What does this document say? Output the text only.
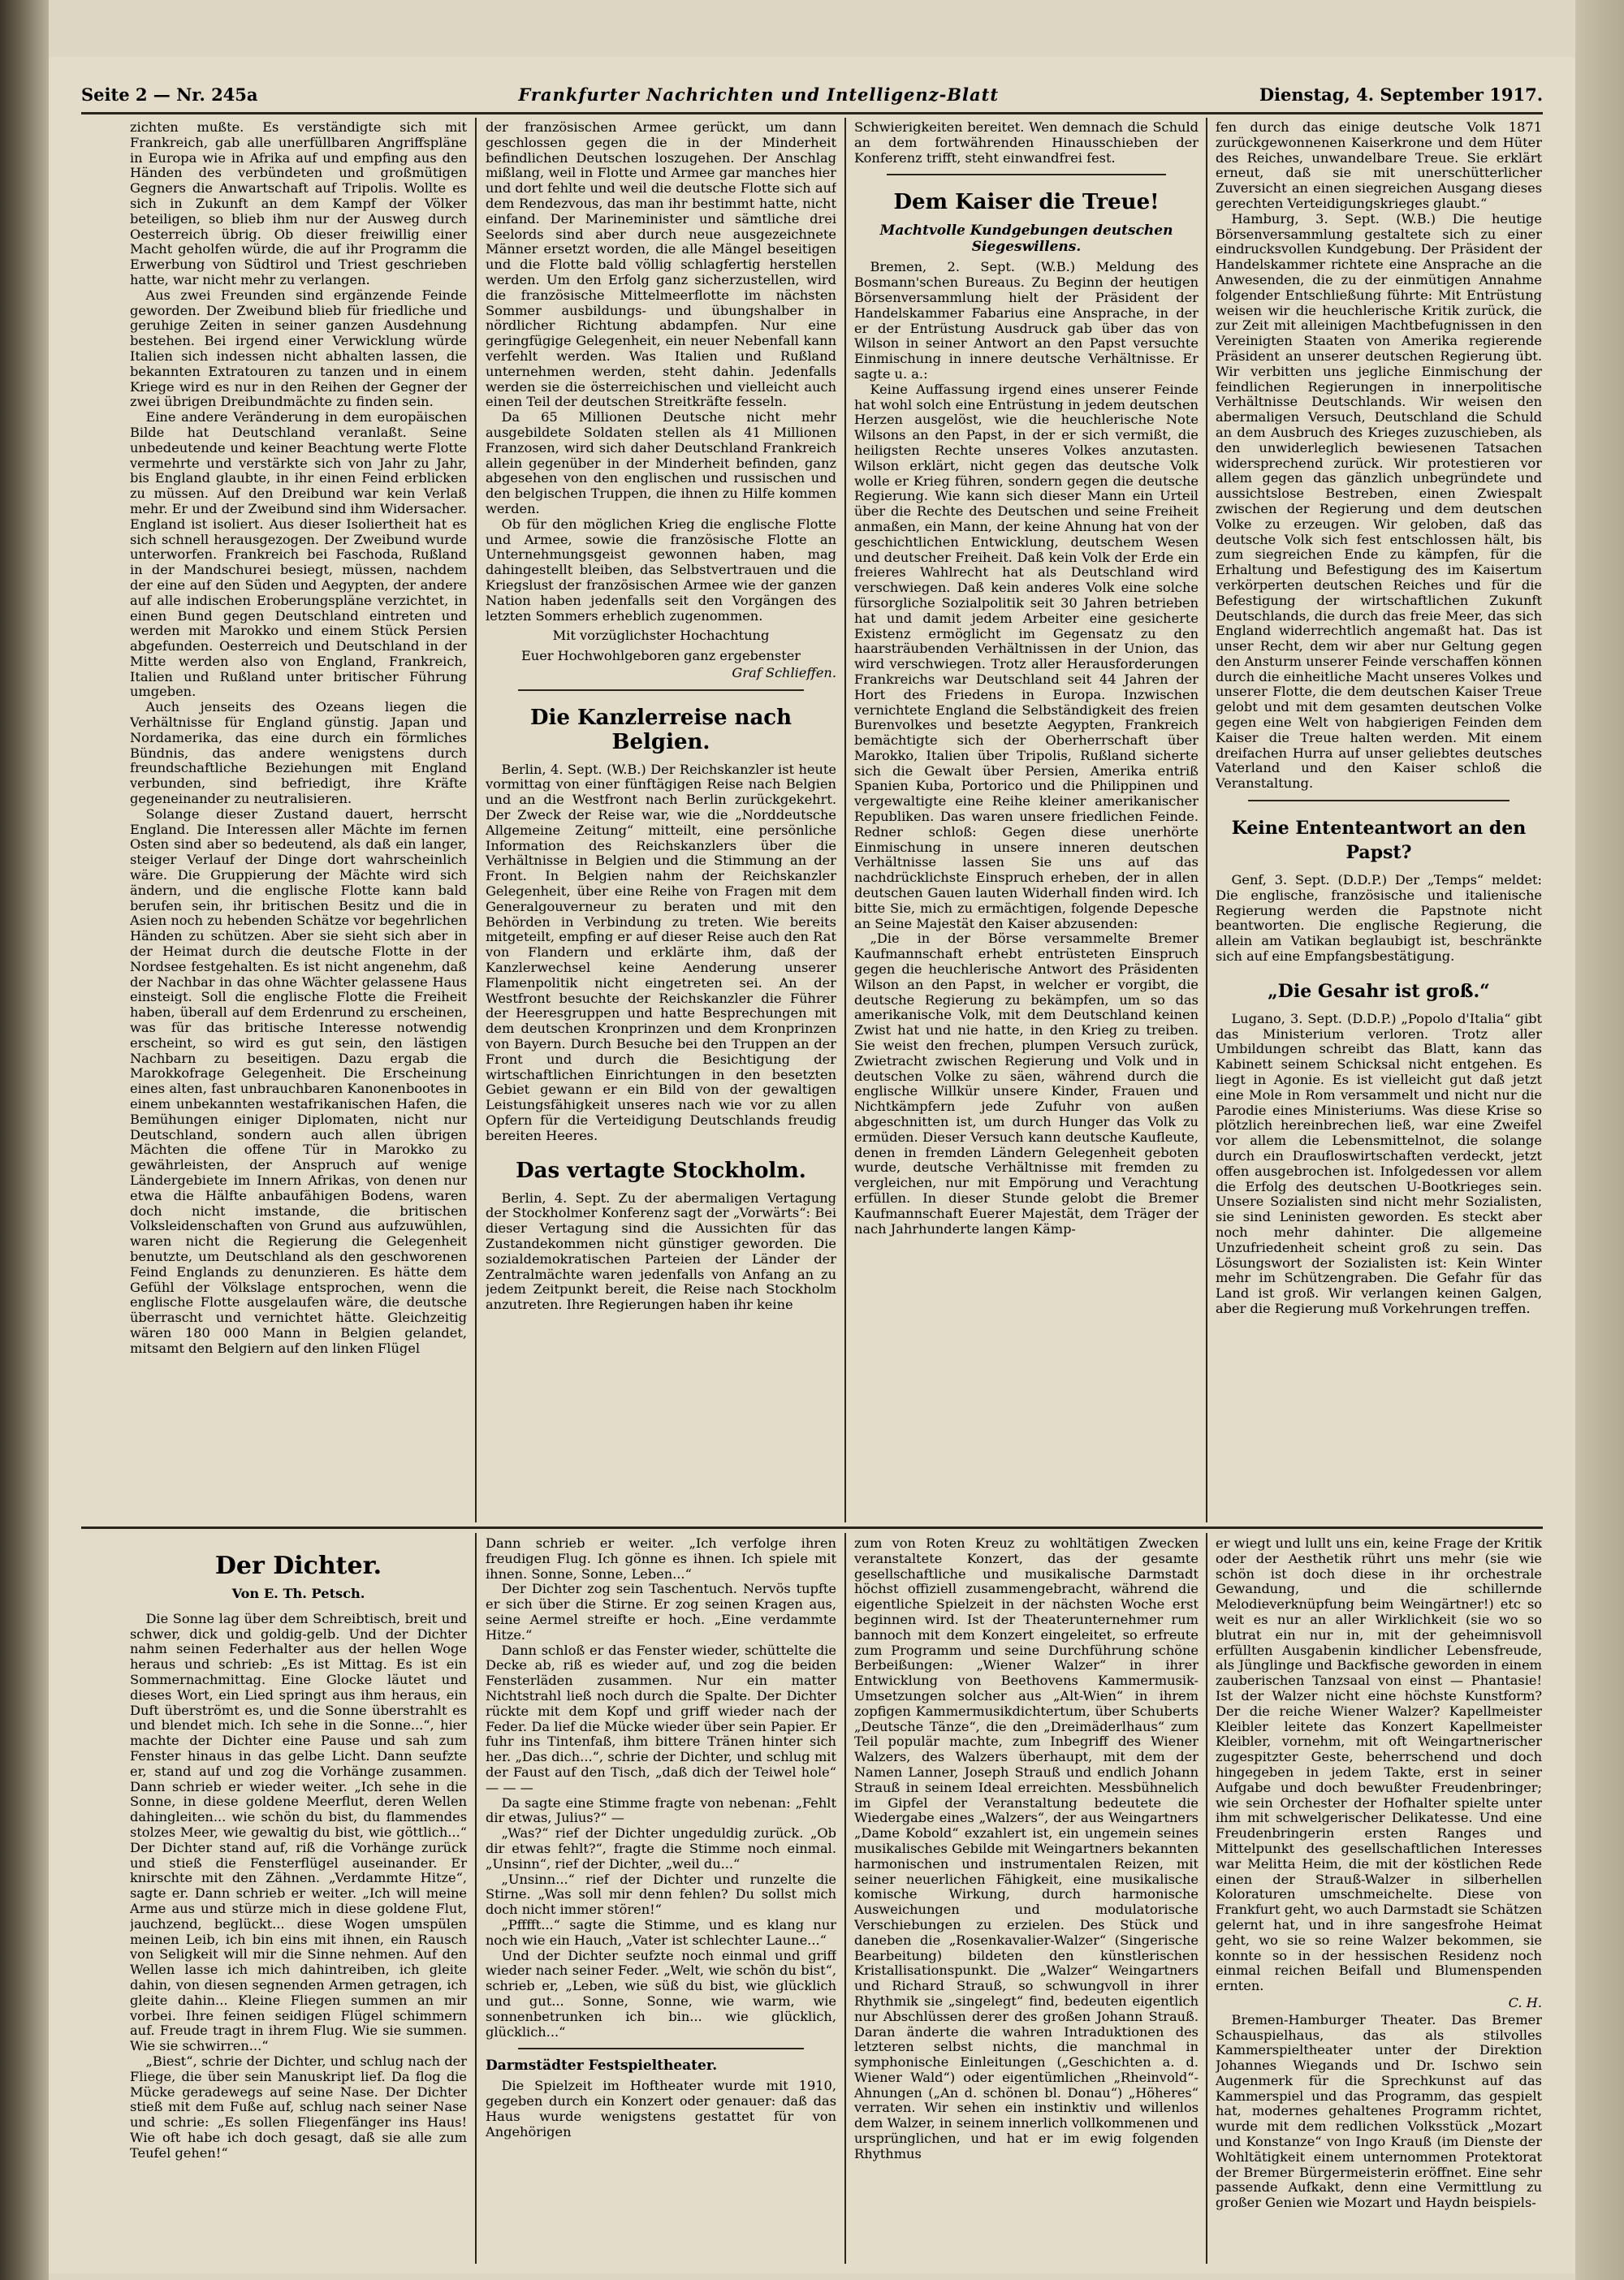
Seite 2 — Nr. 245a	Frankfurter Nachrichten und Intelligenz-Blatt	Dienstag, 4. September 1917.

zichten mußte. Es verständigte sich mit Frankreich, gab alle unerfüllbaren Angriffspläne in Europa wie in Afrika auf und empfing aus den Händen des verbündeten und großmütigen Gegners die Anwartschaft auf Tripolis. Wollte es sich in Zukunft an dem Kampf der Völker beteiligen, so blieb ihm nur der Ausweg durch Oesterreich übrig. Ob dieser freiwillig einer Macht geholfen würde, die auf ihr Programm die Erwerbung von Südtirol und Triest geschrieben hatte, war nicht mehr zu verlangen.

Aus zwei Freunden sind ergänzende Feinde geworden. Der Zweibund blieb für friedliche und geruhige Zeiten in seiner ganzen Ausdehnung bestehen. Bei irgend einer Verwicklung würde Italien sich indessen nicht abhalten lassen, die bekannten Extratouren zu tanzen und in einem Kriege wird es nur in den Reihen der Gegner der zwei übrigen Dreibundmächte zu finden sein.

Eine andere Veränderung in dem europäischen Bilde hat Deutschland veranlaßt. Seine unbedeutende und keiner Beachtung werte Flotte vermehrte und verstärkte sich von Jahr zu Jahr, bis England glaubte, in ihr einen Feind erblicken zu müssen. Auf den Dreibund war kein Verlaß mehr. Er und der Zweibund sind ihm Widersacher. England ist isoliert. Aus dieser Isoliertheit hat es sich schnell herausgezogen. Der Zweibund wurde unterworfen. Frankreich bei Faschoda, Rußland in der Mandschurei besiegt, müssen, nachdem der eine auf den Süden und Aegypten, der andere auf alle indischen Eroberungspläne verzichtet, in einen Bund gegen Deutschland eintreten und werden mit Marokko und einem Stück Persien abgefunden. Oesterreich und Deutschland in der Mitte werden also von England, Frankreich, Italien und Rußland unter britischer Führung umgeben.

Auch jenseits des Ozeans liegen die Verhältnisse für England günstig. Japan und Nordamerika, das eine durch ein förmliches Bündnis, das andere wenigstens durch freundschaftliche Beziehungen mit England verbunden, sind befriedigt, ihre Kräfte gegeneinander zu neutralisieren.

Solange dieser Zustand dauert, herrscht England. Die Interessen aller Mächte im fernen Osten sind aber so bedeutend, als daß ein langer, steiger Verlauf der Dinge dort wahrscheinlich wäre. Die Gruppierung der Mächte wird sich ändern, und die englische Flotte kann bald berufen sein, ihr britischen Besitz und die in Asien noch zu hebenden Schätze vor begehrlichen Händen zu schützen. Aber sie sieht sich aber in der Heimat durch die deutsche Flotte in der Nordsee festgehalten. Es ist nicht angenehm, daß der Nachbar in das ohne Wächter gelassene Haus einsteigt. Soll die englische Flotte die Freiheit haben, überall auf dem Erdenrund zu erscheinen, was für das britische Interesse notwendig erscheint, so wird es gut sein, den lästigen Nachbarn zu beseitigen. Dazu ergab die Marokkofrage Gelegenheit. Die Erscheinung eines alten, fast unbrauchbaren Kanonenbootes in einem unbekannten westafrikanischen Hafen, die Bemühungen einiger Diplomaten, nicht nur Deutschland, sondern auch allen übrigen Mächten die offene Tür in Marokko zu gewährleisten, der Anspruch auf wenige Ländergebiete im Innern Afrikas, von denen nur etwa die Hälfte anbaufähigen Bodens, waren doch nicht imstande, die britischen Volksleidenschaften von Grund aus aufzuwühlen, waren nicht die Regierung die Gelegenheit benutzte, um Deutschland als den geschworenen Feind Englands zu denunzieren. Es hätte dem Gefühl der Völkslage entsprochen, wenn die englische Flotte ausgelaufen wäre, die deutsche überrascht und vernichtet hätte. Gleichzeitig wären 180 000 Mann in Belgien gelandet, mitsamt den Belgiern auf den linken Flügel

der französischen Armee gerückt, um dann geschlossen gegen die in der Minderheit befindlichen Deutschen loszugehen. Der Anschlag mißlang, weil in Flotte und Armee gar manches hier und dort fehlte und weil die deutsche Flotte sich auf dem Rendezvous, das man ihr bestimmt hatte, nicht einfand. Der Marineminister und sämtliche drei Seelords sind aber durch neue ausgezeichnete Männer ersetzt worden, die alle Mängel beseitigen und die Flotte bald völlig schlagfertig herstellen werden. Um den Erfolg ganz sicherzustellen, wird die französische Mittelmeerflotte im nächsten Sommer ausbildungs- und übungshalber in nördlicher Richtung abdampfen. Nur eine geringfügige Gelegenheit, ein neuer Nebenfall kann verfehlt werden. Was Italien und Rußland unternehmen werden, steht dahin. Jedenfalls werden sie die österreichischen und vielleicht auch einen Teil der deutschen Streitkräfte fesseln.

Da 65 Millionen Deutsche nicht mehr ausgebildete Soldaten stellen als 41 Millionen Franzosen, wird sich daher Deutschland Frankreich allein gegenüber in der Minderheit befinden, ganz abgesehen von den englischen und russischen und den belgischen Truppen, die ihnen zu Hilfe kommen werden.

Ob für den möglichen Krieg die englische Flotte und Armee, sowie die französische Flotte an Unternehmungsgeist gewonnen haben, mag dahingestellt bleiben, das Selbstvertrauen und die Kriegslust der französischen Armee wie der ganzen Nation haben jedenfalls seit den Vorgängen des letzten Sommers erheblich zugenommen.

Mit vorzüglichster Hochachtung
Euer Hochwohlgeboren ganz ergebenster
Graf Schlieffen.
Die Kanzlerreise nach Belgien.

Berlin, 4. Sept. (W.B.) Der Reichskanzler ist heute vormittag von einer fünftägigen Reise nach Belgien und an die Westfront nach Berlin zurückgekehrt. Der Zweck der Reise war, wie die „Norddeutsche Allgemeine Zeitung“ mitteilt, eine persönliche Information des Reichskanzlers über die Verhältnisse in Belgien und die Stimmung an der Front. In Belgien nahm der Reichskanzler Gelegenheit, über eine Reihe von Fragen mit dem Generalgouverneur zu beraten und mit den Behörden in Verbindung zu treten. Wie bereits mitgeteilt, empfing er auf dieser Reise auch den Rat von Flandern und erklärte ihm, daß der Kanzlerwechsel keine Aenderung unserer Flamenpolitik nicht eingetreten sei. An der Westfront besuchte der Reichskanzler die Führer der Heeresgruppen und hatte Besprechungen mit dem deutschen Kronprinzen und dem Kronprinzen von Bayern. Durch Besuche bei den Truppen an der Front und durch die Besichtigung der wirtschaftlichen Einrichtungen in den besetzten Gebiet gewann er ein Bild von der gewaltigen Leistungsfähigkeit unseres nach wie vor zu allen Opfern für die Verteidigung Deutschlands freudig bereiten Heeres.

Das vertagte Stockholm.

Berlin, 4. Sept. Zu der abermaligen Vertagung der Stockholmer Konferenz sagt der „Vorwärts“: Bei dieser Vertagung sind die Aussichten für das Zustandekommen nicht günstiger geworden. Die sozialdemokratischen Parteien der Länder der Zentralmächte waren jedenfalls von Anfang an zu jedem Zeitpunkt bereit, die Reise nach Stockholm anzutreten. Ihre Regierungen haben ihr keine

Schwierigkeiten bereitet. Wen demnach die Schuld an dem fortwährenden Hinausschieben der Konferenz trifft, steht einwandfrei fest.

Dem Kaiser die Treue!
Machtvolle Kundgebungen deutschen Siegeswillens.

Bremen, 2. Sept. (W.B.) Meldung des Bosmann'schen Bureaus. Zu Beginn der heutigen Börsenversammlung hielt der Präsident der Handelskammer Fabarius eine Ansprache, in der er der Entrüstung Ausdruck gab über das von Wilson in seiner Antwort an den Papst versuchte Einmischung in innere deutsche Verhältnisse. Er sagte u. a.:

Keine Auffassung irgend eines unserer Feinde hat wohl solch eine Entrüstung in jedem deutschen Herzen ausgelöst, wie die heuchlerische Note Wilsons an den Papst, in der er sich vermißt, die heiligsten Rechte unseres Volkes anzutasten. Wilson erklärt, nicht gegen das deutsche Volk wolle er Krieg führen, sondern gegen die deutsche Regierung. Wie kann sich dieser Mann ein Urteil über die Rechte des Deutschen und seine Freiheit anmaßen, ein Mann, der keine Ahnung hat von der geschichtlichen Entwicklung, deutschem Wesen und deutscher Freiheit. Daß kein Volk der Erde ein freieres Wahlrecht hat als Deutschland wird verschwiegen. Daß kein anderes Volk eine solche fürsorgliche Sozialpolitik seit 30 Jahren betrieben hat und damit jedem Arbeiter eine gesicherte Existenz ermöglicht im Gegensatz zu den haarsträubenden Verhältnissen in der Union, das wird verschwiegen. Trotz aller Herausforderungen Frankreichs war Deutschland seit 44 Jahren der Hort des Friedens in Europa. Inzwischen vernichtete England die Selbständigkeit des freien Burenvolkes und besetzte Aegypten, Frankreich bemächtigte sich der Oberherrschaft über Marokko, Italien über Tripolis, Rußland sicherte sich die Gewalt über Persien, Amerika entriß Spanien Kuba, Portorico und die Philippinen und vergewaltigte eine Reihe kleiner amerikanischer Republiken. Das waren unsere friedlichen Feinde. Redner schloß: Gegen diese unerhörte Einmischung in unsere inneren deutschen Verhältnisse lassen Sie uns auf das nachdrücklichste Einspruch erheben, der in allen deutschen Gauen lauten Widerhall finden wird. Ich bitte Sie, mich zu ermächtigen, folgende Depesche an Seine Majestät den Kaiser abzusenden:

„Die in der Börse versammelte Bremer Kaufmannschaft erhebt entrüsteten Einspruch gegen die heuchlerische Antwort des Präsidenten Wilson an den Papst, in welcher er vorgibt, die deutsche Regierung zu bekämpfen, um so das amerikanische Volk, mit dem Deutschland keinen Zwist hat und nie hatte, in den Krieg zu treiben. Sie weist den frechen, plumpen Versuch zurück, Zwietracht zwischen Regierung und Volk und in deutschen Volke zu säen, während durch die englische Willkür unsere Kinder, Frauen und Nichtkämpfern jede Zufuhr von außen abgeschnitten ist, um durch Hunger das Volk zu ermüden. Dieser Versuch kann deutsche Kaufleute, denen in fremden Ländern Gelegenheit geboten wurde, deutsche Verhältnisse mit fremden zu vergleichen, nur mit Empörung und Verachtung erfüllen. In dieser Stunde gelobt die Bremer Kaufmannschaft Euerer Majestät, dem Träger der nach Jahrhunderte langen Kämp-

fen durch das einige deutsche Volk 1871 zurückgewonnenen Kaiserkrone und dem Hüter des Reiches, unwandelbare Treue. Sie erklärt erneut, daß sie mit unerschütterlicher Zuversicht an einen siegreichen Ausgang dieses gerechten Verteidigungskrieges glaubt.“

Hamburg, 3. Sept. (W.B.) Die heutige Börsenversammlung gestaltete sich zu einer eindrucksvollen Kundgebung. Der Präsident der Handelskammer richtete eine Ansprache an die Anwesenden, die zu der einmütigen Annahme folgender Entschließung führte: Mit Entrüstung weisen wir die heuchlerische Kritik zurück, die zur Zeit mit alleinigen Machtbefugnissen in den Vereinigten Staaten von Amerika regierende Präsident an unserer deutschen Regierung übt. Wir verbitten uns jegliche Einmischung der feindlichen Regierungen in innerpolitische Verhältnisse Deutschlands. Wir weisen den abermaligen Versuch, Deutschland die Schuld an dem Ausbruch des Krieges zuzuschieben, als den unwiderleglich bewiesenen Tatsachen widersprechend zurück. Wir protestieren vor allem gegen das gänzlich unbegründete und aussichtslose Bestreben, einen Zwiespalt zwischen der Regierung und dem deutschen Volke zu erzeugen. Wir geloben, daß das deutsche Volk sich fest entschlossen hält, bis zum siegreichen Ende zu kämpfen, für die Erhaltung und Befestigung des im Kaisertum verkörperten deutschen Reiches und für die Befestigung der wirtschaftlichen Zukunft Deutschlands, die durch das freie Meer, das sich England widerrechtlich angemaßt hat. Das ist unser Recht, dem wir aber nur Geltung gegen den Ansturm unserer Feinde verschaffen können durch die einheitliche Macht unseres Volkes und unserer Flotte, die dem deutschen Kaiser Treue gelobt und mit dem gesamten deutschen Volke gegen eine Welt von habgierigen Feinden dem Kaiser die Treue halten werden. Mit einem dreifachen Hurra auf unser geliebtes deutsches Vaterland und den Kaiser schloß die Veranstaltung.

Keine Ententeantwort an den Papst?

Genf, 3. Sept. (D.D.P.) Der „Temps“ meldet: Die englische, französische und italienische Regierung werden die Papstnote nicht beantworten. Die englische Regierung, die allein am Vatikan beglaubigt ist, beschränkte sich auf eine Empfangsbestätigung.

„Die Gesahr ist groß.“

Lugano, 3. Sept. (D.D.P.) „Popolo d'Italia“ gibt das Ministerium verloren. Trotz aller Umbildungen schreibt das Blatt, kann das Kabinett seinem Schicksal nicht entgehen. Es liegt in Agonie. Es ist vielleicht gut daß jetzt eine Mole in Rom versammelt und nicht nur die Parodie eines Ministeriums. Was diese Krise so plötzlich hereinbrechen ließ, war eine Zweifel vor allem die Lebensmittelnot, die solange durch ein Draufloswirtschaften verdeckt, jetzt offen ausgebrochen ist. Infolgedessen vor allem die Erfolg des deutschen U-Bootkrieges sein. Unsere Sozialisten sind nicht mehr Sozialisten, sie sind Leninisten geworden. Es steckt aber noch mehr dahinter. Die allgemeine Unzufriedenheit scheint groß zu sein. Das Lösungswort der Sozialisten ist: Kein Winter mehr im Schützengraben. Die Gefahr für das Land ist groß. Wir verlangen keinen Galgen, aber die Regierung muß Vorkehrungen treffen.

Der Dichter.
Von E. Th. Petsch.

Die Sonne lag über dem Schreibtisch, breit und schwer, dick und goldig-gelb. Und der Dichter nahm seinen Federhalter aus der hellen Woge heraus und schrieb: „Es ist Mittag. Es ist ein Sommernachmittag. Eine Glocke läutet und dieses Wort, ein Lied springt aus ihm heraus, ein Duft überströmt es, und die Sonne überstrahlt es und blendet mich. Ich sehe in die Sonne...“, hier machte der Dichter eine Pause und sah zum Fenster hinaus in das gelbe Licht. Dann seufzte er, stand auf und zog die Vorhänge zusammen. Dann schrieb er wieder weiter. „Ich sehe in die Sonne, in diese goldene Meerflut, deren Wellen dahingleiten... wie schön du bist, du flammendes stolzes Meer, wie gewaltig du bist, wie göttlich...“ Der Dichter stand auf, riß die Vorhänge zurück und stieß die Fensterflügel auseinander. Er knirschte mit den Zähnen. „Verdammte Hitze“, sagte er. Dann schrieb er weiter. „Ich will meine Arme aus und stürze mich in diese goldene Flut, jauchzend, beglückt... diese Wogen umspülen meinen Leib, ich bin eins mit ihnen, ein Rausch von Seligkeit will mir die Sinne nehmen. Auf den Wellen lasse ich mich dahintreiben, ich gleite dahin, von diesen segnenden Armen getragen, ich gleite dahin... Kleine Fliegen summen an mir vorbei. Ihre feinen seidigen Flügel schimmern auf. Freude tragt in ihrem Flug. Wie sie summen. Wie sie schwirren...“

„Biest“, schrie der Dichter, und schlug nach der Fliege, die über sein Manuskript lief. Da flog die Mücke geradewegs auf seine Nase. Der Dichter stieß mit dem Fuße auf, schlug nach seiner Nase und schrie: „Es sollen Fliegenfänger ins Haus! Wie oft habe ich doch gesagt, daß sie alle zum Teufel gehen!“

Dann schrieb er weiter. „Ich verfolge ihren freudigen Flug. Ich gönne es ihnen. Ich spiele mit ihnen. Sonne, Sonne, Leben...“

Der Dichter zog sein Taschentuch. Nervös tupfte er sich über die Stirne. Er zog seinen Kragen aus, seine Aermel streifte er hoch. „Eine verdammte Hitze.“

Dann schloß er das Fenster wieder, schüttelte die Decke ab, riß es wieder auf, und zog die beiden Fensterläden zusammen. Nur ein matter Nichtstrahl ließ noch durch die Spalte. Der Dichter rückte mit dem Kopf und griff wieder nach der Feder. Da lief die Mücke wieder über sein Papier. Er fuhr ins Tintenfaß, ihm bittere Tränen hinter sich her. „Das dich...“, schrie der Dichter, und schlug mit der Faust auf den Tisch, „daß dich der Teiwel hole“ — — —

Da sagte eine Stimme fragte von nebenan: „Fehlt dir etwas, Julius?“ —

„Was?“ rief der Dichter ungeduldig zurück. „Ob dir etwas fehlt?“, fragte die Stimme noch einmal. „Unsinn“, rief der Dichter, „weil du...“

„Unsinn...“ rief der Dichter und runzelte die Stirne. „Was soll mir denn fehlen? Du sollst mich doch nicht immer stören!“

„Pfffft...“ sagte die Stimme, und es klang nur noch wie ein Hauch, „Vater ist schlechter Laune...“

Und der Dichter seufzte noch einmal und griff wieder nach seiner Feder. „Welt, wie schön du bist“, schrieb er, „Leben, wie süß du bist, wie glücklich und gut... Sonne, Sonne, wie warm, wie sonnenbetrunken ich bin... wie glücklich, glücklich...“

Darmstädter Festspieltheater.

Die Spielzeit im Hoftheater wurde mit 1910, gegeben durch ein Konzert oder genauer: daß das Haus wurde wenigstens gestattet für von Angehörigen

zum von Roten Kreuz zu wohltätigen Zwecken veranstaltete Konzert, das der gesamte gesellschaftliche und musikalische Darmstadt höchst offiziell zusammengebracht, während die eigentliche Spielzeit in der nächsten Woche erst beginnen wird. Ist der Theaterunternehmer rum bannoch mit dem Konzert eingeleitet, so erfreute zum Programm und seine Durchführung schöne Berbeißungen: „Wiener Walzer“ in ihrer Entwicklung von Beethovens Kammermusik-Umsetzungen solcher aus „Alt-Wien“ in ihrem zopfigen Kammermusikdichtertum, über Schuberts „Deutsche Tänze“, die den „Dreimäderlhaus“ zum Teil populär machte, zum Inbegriff des Wiener Walzers, des Walzers überhaupt, mit dem der Namen Lanner, Joseph Strauß und endlich Johann Strauß in seinem Ideal erreichten. Messbühnelich im Gipfel der Veranstaltung bedeutete die Wiedergabe eines „Walzers“, der aus Weingartners „Dame Kobold“ exzahlert ist, ein ungemein seines musikalisches Gebilde mit Weingartners bekannten harmonischen und instrumentalen Reizen, mit seiner neuerlichen Fähigkeit, eine musikalische komische Wirkung, durch harmonische Ausweichungen und modulatorische Verschiebungen zu erzielen. Des Stück und daneben die „Rosenkavalier-Walzer“ (Singerische Bearbeitung) bildeten den künstlerischen Kristallisationspunkt. Die „Walzer“ Weingartners und Richard Strauß, so schwungvoll in ihrer Rhythmik sie „singelegt“ find, bedeuten eigentlich nur Abschlüssen derer des großen Johann Strauß. Daran änderte die wahren Intraduktionen des letzteren selbst nichts, die manchmal in symphonische Einleitungen („Geschichten a. d. Wiener Wald“) oder eigentümlichen „Rheinvold“-Ahnungen („An d. schönen bl. Donau“) „Höheres“ verraten. Wir sehen ein instinktiv und willenlos dem Walzer, in seinem innerlich vollkommenen und ursprünglichen, und hat er im ewig folgenden Rhythmus

er wiegt und lullt uns ein, keine Frage der Kritik oder der Aesthetik rührt uns mehr (sie wie schön ist doch diese in ihr orchestrale Gewandung, und die schillernde Melodieverknüpfung beim Weingärtner!) etc so weit es nur an aller Wirklichkeit (sie wo so blutrat ein nur in, mit der geheimnisvoll erfüllten Ausgabenin kindlicher Lebensfreude, als Jünglinge und Backfische geworden in einem zauberischen Tanzsaal von einst — Phantasie! Ist der Walzer nicht eine höchste Kunstform? Der die reiche Wiener Walzer? Kapellmeister Kleibler leitete das Konzert Kapellmeister Kleibler, vornehm, mit oft Weingartnerischer zugespitzter Geste, beherrschend und doch hingegeben in jedem Takte, erst in seiner Aufgabe und doch bewußter Freudenbringer; wie sein Orchester der Hofhalter spielte unter ihm mit schwelgerischer Delikatesse. Und eine Freudenbringerin ersten Ranges und Mittelpunkt des gesellschaftlichen Interesses war Melitta Heim, die mit der köstlichen Rede einen der Strauß-Walzer in silberhellen Koloraturen umschmeichelte. Diese von Frankfurt geht, wo auch Darmstadt sie Schätzen gelernt hat, und in ihre sangesfrohe Heimat geht, wo sie so reine Walzer bekommen, sie konnte so in der hessischen Residenz noch einmal reichen Beifall und Blumenspenden ernten.

C. H.

Bremen-Hamburger Theater. Das Bremer Schauspielhaus, das als stilvolles Kammerspieltheater unter der Direktion Johannes Wiegands und Dr. Ischwo sein Augenmerk für die Sprechkunst auf das Kammerspiel und das Programm, das gespielt hat, modernes gehaltenes Programm richtet, wurde mit dem redlichen Volksstück „Mozart und Konstanze“ von Ingo Krauß (im Dienste der Wohltätigkeit einem unternommen Protektorat der Bremer Bürgermeisterin eröffnet. Eine sehr passende Aufkakt, denn eine Vermittlung zu großer Genien wie Mozart und Haydn beispiels-
